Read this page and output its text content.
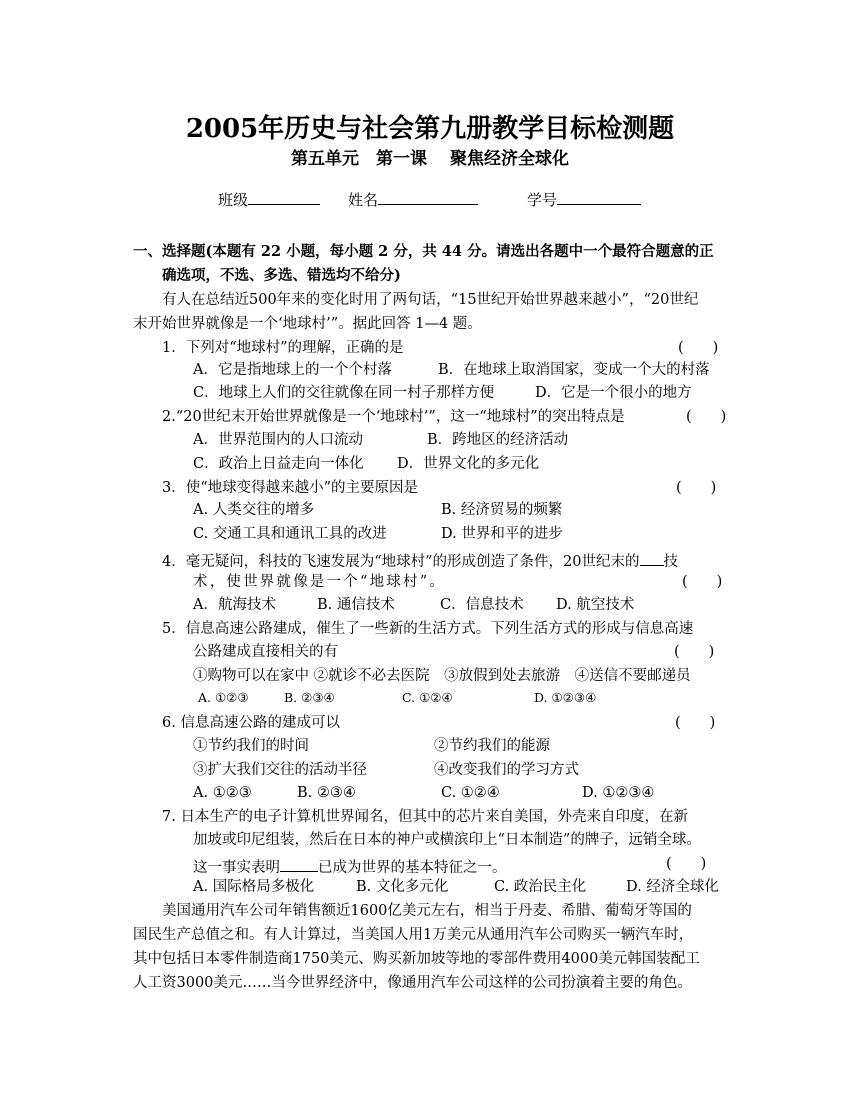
2005年历史与社会第九册教学目标检测题
第五单元　第一课　 聚焦经济全球化
班级	姓名	学号
一、选择题(本题有 22 小题，每小题 2 分，共 44 分。请选出各题中一个最符合题意的正
确选项，不选、多选、错选均不给分)
有人在总结近500年来的变化时用了两句话，“15世纪开始世界越来越小”，“20世纪
末开始世界就像是一个‘地球村’”。据此回答 1—4 题。
1．下列对“地球村”的理解，正确的是	(　　)
A．它是指地球上的一个个村落	B．在地球上取消国家，变成一个大的村落
C．地球上人们的交往就像在同一村子那样方便	D．它是一个很小的地方
2.“20世纪末开始世界就像是一个‘地球村’”，这一“地球村”的突出特点是	(　　)
A．世界范围内的人口流动	B．跨地区的经济活动
C．政治上日益走向一体化 D．世界文化的多元化
3．使“地球变得越来越小”的主要原因是	(　　)
A. 人类交往的增多	B. 经济贸易的频繁
C. 交通工具和通讯工具的改进	D. 世界和平的进步
4．毫无疑问，科技的飞速发展为“地球村”的形成创造了条件，20世纪末的 技
术，使世界就像是一个“地球村”。	(　　)
A．航海技术	B. 通信技术	C．信息技术 D. 航空技术
5．信息高速公路建成，催生了一些新的生活方式。下列生活方式的形成与信息高速
公路建成直接相关的有	(　　)
①购物可以在家中 ②就诊不必去医院　③放假到处去旅游　④送信不要邮递员
A. ①②③	B. ②③④	C. ①②④	D. ①②③④
6. 信息高速公路的建成可以	(　　)
①节约我们的时间	②节约我们的能源
③扩大我们交往的活动半径	④改变我们的学习方式
A. ①②③	B. ②③④	C. ①②④	D. ①②③④
7. 日本生产的电子计算机世界闻名，但其中的芯片来自美国，外壳来自印度，在新
加坡或印尼组装，然后在日本的神户或横滨印上“日本制造”的牌子，远销全球。
这一事实表明	已成为世界的基本特征之一。	(　　)
A. 国际格局多极化	B. 文化多元化	C. 政治民主化	D. 经济全球化
美国通用汽车公司年销售额近1600亿美元左右，相当于丹麦、希腊、葡萄牙等国的
国民生产总值之和。有人计算过，当美国人用1万美元从通用汽车公司购买一辆汽车时，
其中包括日本零件制造商1750美元、购买新加坡等地的零部件费用4000美元韩国装配工
人工资3000美元……当今世界经济中，像通用汽车公司这样的公司扮演着主要的角色。
